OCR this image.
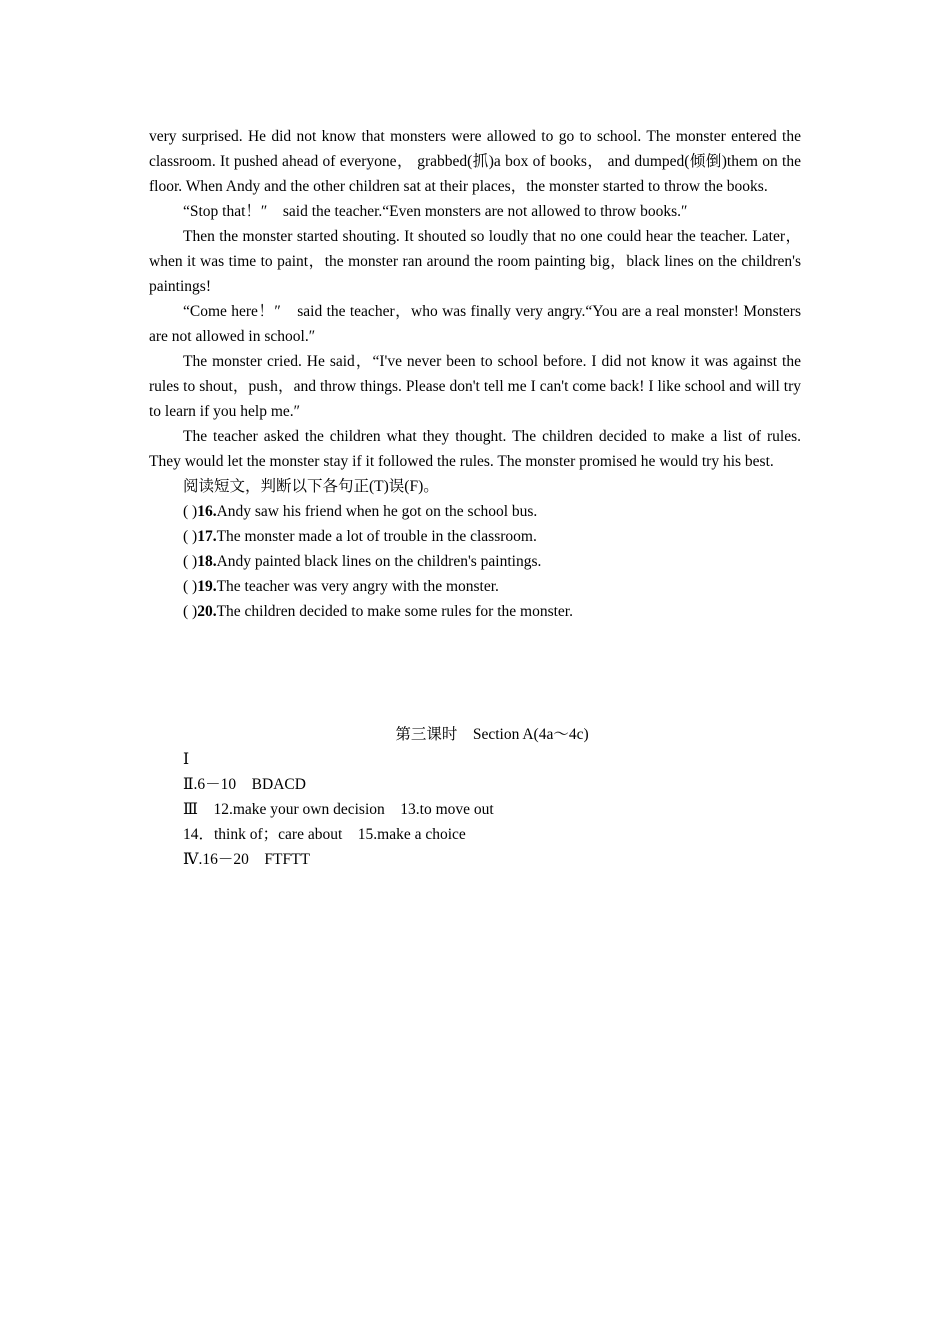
very surprised. He did not know that monsters were allowed to go to school. The monster entered the classroom. It pushed ahead of everyone， grabbed(抓)a box of books， and dumped(倾倒)them on the floor. When Andy and the other children sat at their places，the monster started to throw the books.

“Stop that！″　said the teacher.“Even monsters are not allowed to throw books.″

Then the monster started shouting. It shouted so loudly that no one could hear the teacher. Later，when it was time to paint，the monster ran around the room painting big，black lines on the children's paintings!

“Come here！″　said the teacher，who was finally very angry.“You are a real monster! Monsters are not allowed in school.″

The monster cried. He said，“I've never been to school before. I did not know it was against the rules to shout，push，and throw things. Please don't tell me I can't come back! I like school and will try to learn if you help me.″

The teacher asked the children what they thought. The children decided to make a list of rules. They would let the monster stay if it followed the rules. The monster promised he would try his best.

阅读短文，判断以下各句正(T)误(F)。

( )16.Andy saw his friend when he got on the school bus.

( )17.The monster made a lot of trouble in the classroom.

( )18.Andy painted black lines on the children's paintings.

( )19.The teacher was very angry with the monster.

( )20.The children decided to make some rules for the monster.

第三课时　Section A(4a～4c)

Ⅰ

Ⅱ.6－10　BDACD

Ⅲ　12.make your own decision　13.to move out

14．think of；care about　15.make a choice

Ⅳ.16－20　FTFTT
